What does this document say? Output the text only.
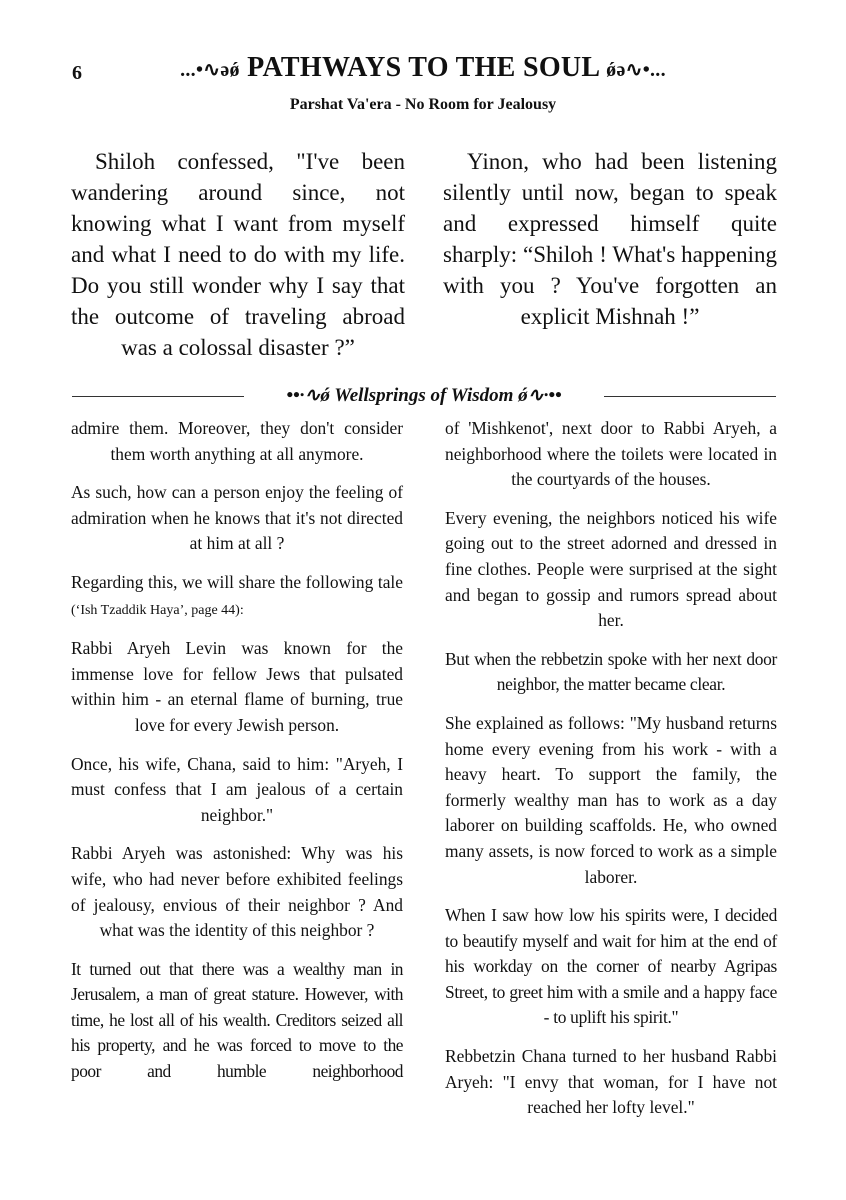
6	...•∿əǿ PATHWAYS TO THE SOUL ǿə∿•...
Parshat Va'era - No Room for Jealousy

Shiloh confessed, "I've been wandering around since, not knowing what I want from myself and what I need to do with my life. Do you still wonder why I say that the outcome of traveling abroad was a colossal disaster ?”

Yinon, who had been listening silently until now, began to speak and expressed himself quite sharply: “Shiloh ! What's happening with you ? You've forgotten an explicit Mishnah !”

••∙∿ǿ Wellsprings of Wisdom ǿ∿∙••

admire them. Moreover, they don't consider them worth anything at all anymore.

As such, how can a person enjoy the feeling of admiration when he knows that it's not directed at him at all ?

Regarding this, we will share the following tale (‘Ish Tzaddik Haya’, page 44):

Rabbi Aryeh Levin was known for the immense love for fellow Jews that pulsated within him - an eternal flame of burning, true love for every Jewish person.

Once, his wife, Chana, said to him: "Aryeh, I must confess that I am jealous of a certain neighbor."

Rabbi Aryeh was astonished: Why was his wife, who had never before exhibited feelings of jealousy, envious of their neighbor ? And what was the identity of this neighbor ?

It turned out that there was a wealthy man in Jerusalem, a man of great stature. However, with time, he lost all of his wealth. Creditors seized all his property, and he was forced to move to the poor and humble neighborhood

of 'Mishkenot', next door to Rabbi Aryeh, a neighborhood where the toilets were located in the courtyards of the houses.

Every evening, the neighbors noticed his wife going out to the street adorned and dressed in fine clothes. People were surprised at the sight and began to gossip and rumors spread about her.

But when the rebbetzin spoke with her next door neighbor, the matter became clear.

She explained as follows: "My husband returns home every evening from his work - with a heavy heart. To support the family, the formerly wealthy man has to work as a day laborer on building scaffolds. He, who owned many assets, is now forced to work as a simple laborer.

When I saw how low his spirits were, I decided to beautify myself and wait for him at the end of his workday on the corner of nearby Agripas Street, to greet him with a smile and a happy face - to uplift his spirit."

Rebbetzin Chana turned to her husband Rabbi Aryeh: "I envy that woman, for I have not reached her lofty level."
